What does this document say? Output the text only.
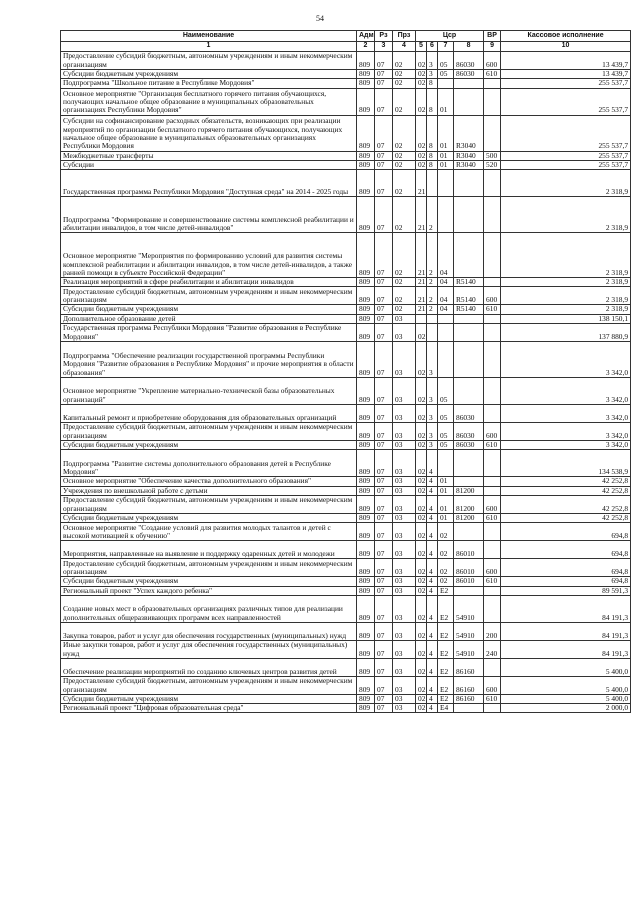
54
Наименование	Адм	Рз	Прз	Цср				ВР	Кассовое исполнение
1	2	3	4	5	6	7	8	9	10
Предоставление субсидий бюджетным, автономным учреждениям и иным некоммерческим организациям	809	07	02	02	3	05	86030	600	13 439,7
Субсидии бюджетным учреждениям	809	07	02	02	3	05	86030	610	13 439,7
Подпрограмма "Школьное питание в Республике Мордовия"	809	07	02	02	8				255 537,7
Основное мероприятие "Организация бесплатного горячего питания обучающихся, получающих начальное общее образование в муниципальных образовательных организациях Республики Мордовия"	809	07	02	02	8	01			255 537,7
Субсидии на софинансирование расходных обязательств, возникающих при реализации мероприятий по организации бесплатного горячего питания обучающихся, получающих начальное общее образование в муниципальных образовательных организациях Республики Мордовия	809	07	02	02	8	01	R3040		255 537,7
Межбюджетные трансферты	809	07	02	02	8	01	R3040	500	255 537,7
Субсидии	809	07	02	02	8	01	R3040	520	255 537,7
Государственная программа Республики Мордовия "Доступная среда" на 2014 - 2025 годы	809	07	02	21					2 318,9
Подпрограмма "Формирование и совершенствование системы комплексной реабилитации и абилитации инвалидов, в том числе детей-инвалидов"	809	07	02	21	2				2 318,9
Основное мероприятие "Мероприятия по формированию условий для развития системы комплексной реабилитации и абилитации инвалидов, в том числе детей-инвалидов, а также ранней помощи в субъекте Российской Федерации"	809	07	02	21	2	04			2 318,9
Реализация мероприятий в сфере реабилитации и абилитации инвалидов	809	07	02	21	2	04	R5140		2 318,9
Предоставление субсидий бюджетным, автономным учреждениям и иным некоммерческим организациям	809	07	02	21	2	04	R5140	600	2 318,9
Субсидии бюджетным учреждениям	809	07	02	21	2	04	R5140	610	2 318,9
Дополнительное образование детей	809	07	03						138 150,1
Государственная программа Республики Мордовия "Развитие образования в Республике Мордовия"	809	07	03	02					137 880,9
Подпрограмма "Обеспечение реализации государственной программы Республики Мордовия "Развитие образования в Республике Мордовия" и прочие мероприятия в области образования"	809	07	03	02	3				3 342,0
Основное мероприятие "Укрепление материально-технической базы образовательных организаций"	809	07	03	02	3	05			3 342,0
Капитальный ремонт и приобретение оборудования для образовательных организаций	809	07	03	02	3	05	86030		3 342,0
Предоставление субсидий бюджетным, автономным учреждениям и иным некоммерческим организациям	809	07	03	02	3	05	86030	600	3 342,0
Субсидии бюджетным учреждениям	809	07	03	02	3	05	86030	610	3 342,0
Подпрограмма "Развитие системы дополнительного образования детей в Республике Мордовия"	809	07	03	02	4				134 538,9
Основное мероприятие "Обеспечение качества дополнительного образования"	809	07	03	02	4	01			42 252,8
Учреждения по внешкольной работе с детьми	809	07	03	02	4	01	81200		42 252,8
Предоставление субсидий бюджетным, автономным учреждениям и иным некоммерческим организациям	809	07	03	02	4	01	81200	600	42 252,8
Субсидии бюджетным учреждениям	809	07	03	02	4	01	81200	610	42 252,8
Основное мероприятие "Создание условий для развития молодых талантов и детей с высокой мотивацией к обучению"	809	07	03	02	4	02			694,8
Мероприятия, направленные на выявление и поддержку одаренных детей и молодежи	809	07	03	02	4	02	86010		694,8
Предоставление субсидий бюджетным, автономным учреждениям и иным некоммерческим организациям	809	07	03	02	4	02	86010	600	694,8
Субсидии бюджетным учреждениям	809	07	03	02	4	02	86010	610	694,8
Региональный проект "Успех каждого ребенка"	809	07	03	02	4	E2			89 591,3
Создание новых мест в образовательных организациях различных типов для реализации дополнительных общеразвивающих программ всех направленностей	809	07	03	02	4	E2	54910		84 191,3
Закупка товаров, работ и услуг для обеспечения государственных (муниципальных) нужд	809	07	03	02	4	E2	54910	200	84 191,3
Иные закупки товаров, работ и услуг для обеспечения государственных (муниципальных) нужд	809	07	03	02	4	E2	54910	240	84 191,3
Обеспечение реализации мероприятий по созданию ключевых центров развития детей	809	07	03	02	4	E2	86160		5 400,0
Предоставление субсидий бюджетным, автономным учреждениям и иным некоммерческим организациям	809	07	03	02	4	E2	86160	600	5 400,0
Субсидии бюджетным учреждениям	809	07	03	02	4	E2	86160	610	5 400,0
Региональный проект "Цифровая образовательная среда"	809	07	03	02	4	E4			2 000,0
